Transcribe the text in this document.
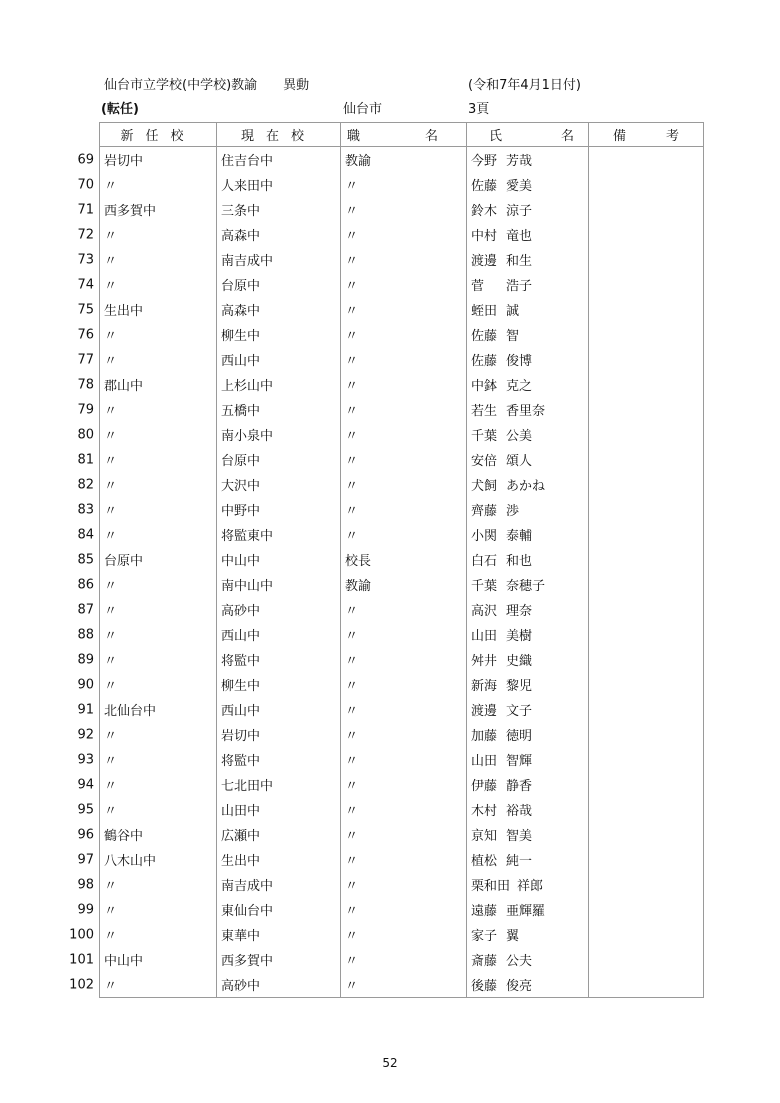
仙台市立学校(中学校)教諭　　異動	(令和7年4月1日付)
(転任)	仙台市	3頁
新任校	現在校	職 名	氏 名	備 考

69 岩切中	住吉台中	教諭	今野 芳哉	

70 〃	人来田中	〃	佐藤 愛美	

71 西多賀中	三条中	〃	鈴木 涼子	

72 〃	高森中	〃	中村 竜也	

73 〃	南吉成中	〃	渡邊 和生	

74 〃	台原中	〃	菅 浩子	

75 生出中	高森中	〃	蛭田 誠	

76 〃	柳生中	〃	佐藤 智	

77 〃	西山中	〃	佐藤 俊博	

78 郡山中	上杉山中	〃	中鉢 克之	

79 〃	五橋中	〃	若生 香里奈	

80 〃	南小泉中	〃	千葉 公美	

81 〃	台原中	〃	安倍 頌人	

82 〃	大沢中	〃	犬飼 あかね	

83 〃	中野中	〃	齊藤 渉	

84 〃	将監東中	〃	小関 泰輔	

85 台原中	中山中	校長	白石 和也	

86 〃	南中山中	教諭	千葉 奈穂子	

87 〃	高砂中	〃	高沢 理奈	

88 〃	西山中	〃	山田 美樹	

89 〃	将監中	〃	舛井 史織	

90 〃	柳生中	〃	新海 黎児	

91 北仙台中	西山中	〃	渡邊 文子	

92 〃	岩切中	〃	加藤 徳明	

93 〃	将監中	〃	山田 智輝	

94 〃	七北田中	〃	伊藤 静香	

95 〃	山田中	〃	木村 裕哉	

96 鶴谷中	広瀬中	〃	亰知 智美	

97 八木山中	生出中	〃	植松 純一	

98 〃	南吉成中	〃	栗和田 祥郎	

99 〃	東仙台中	〃	遠藤 亜輝羅	

100 〃	東華中	〃	家子 翼	

101 中山中	西多賀中	〃	斎藤 公夫	

102 〃	高砂中	〃	後藤 俊亮	
52
